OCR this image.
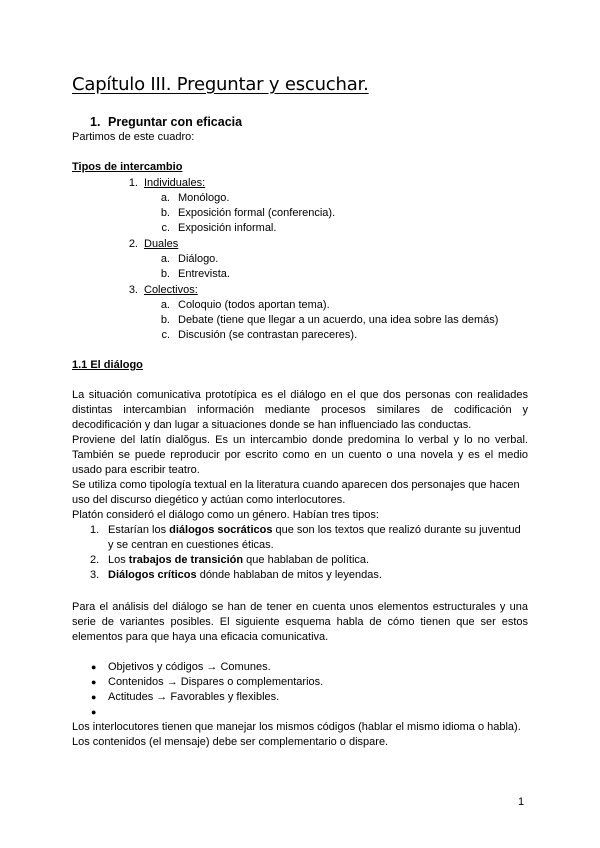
Capítulo III. Preguntar y escuchar.
1. Preguntar con eficacia
Partimos de este cuadro:
Tipos de intercambio
1. Individuales:
a. Monólogo.
b. Exposición formal (conferencia).
c. Exposición informal.
2. Duales
a. Diálogo.
b. Entrevista.
3. Colectivos:
a. Coloquio (todos aportan tema).
b. Debate (tiene que llegar a un acuerdo, una idea sobre las demás)
c. Discusión (se contrastan pareceres).
1.1 El diálogo
La situación comunicativa prototípica es el diálogo en el que dos personas con realidades distintas intercambian información mediante procesos similares de codificación y decodificación y dan lugar a situaciones donde se han influenciado las conductas.
Proviene del latín dialŏgus. Es un intercambio donde predomina lo verbal y lo no verbal. También se puede reproducir por escrito como en un cuento o una novela y es el medio usado para escribir teatro.
Se utiliza como tipología textual en la literatura cuando aparecen dos personajes que hacen uso del discurso diegético y actúan como interlocutores.
Platón consideró el diálogo como un género. Habían tres tipos:
1. Estarían los diálogos socráticos que son los textos que realizó durante su juventud y se centran en cuestiones éticas.
2. Los trabajos de transición que hablaban de política.
3. Diálogos críticos dónde hablaban de mitos y leyendas.
Para el análisis del diálogo se han de tener en cuenta unos elementos estructurales y una serie de variantes posibles. El siguiente esquema habla de cómo tienen que ser estos elementos para que haya una eficacia comunicativa.
● Objetivos y códigos → Comunes.
● Contenidos → Dispares o complementarios.
● Actitudes → Favorables y flexibles.
●
Los interlocutores tienen que manejar los mismos códigos (hablar el mismo idioma o habla). Los contenidos (el mensaje) debe ser complementario o dispare.
1
